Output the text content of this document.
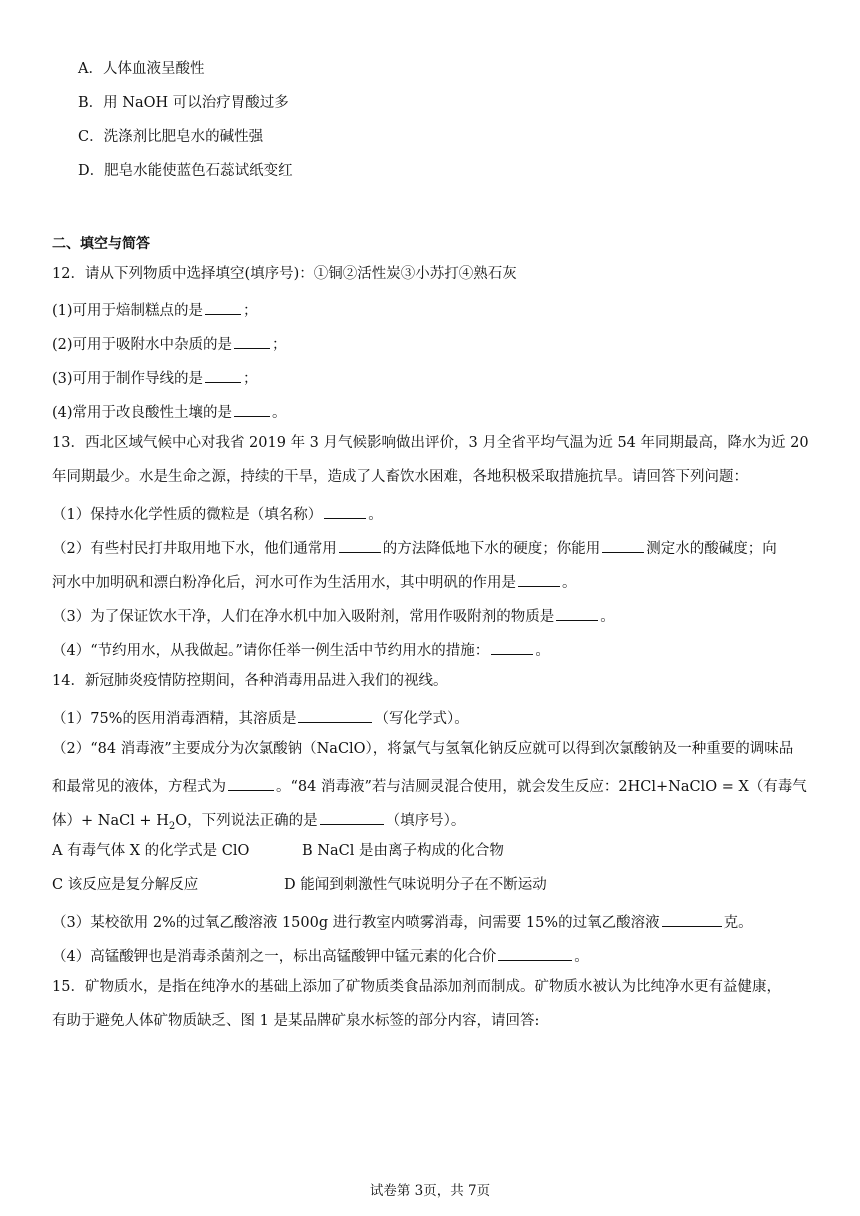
A．人体血液呈酸性
B．用 NaOH 可以治疗胃酸过多
C．洗涤剂比肥皂水的碱性强
D．肥皂水能使蓝色石蕊试纸变红
二、填空与简答
12．请从下列物质中选择填空(填序号)：①铜②活性炭③小苏打④熟石灰
(1)可用于焙制糕点的是	；
(2)可用于吸附水中杂质的是	；
(3)可用于制作导线的是	；
(4)常用于改良酸性土壤的是	。
13．西北区域气候中心对我省 2019 年 3 月气候影响做出评价，3 月全省平均气温为近 54 年同期最高，降水为近 20
年同期最少。水是生命之源，持续的干旱，造成了人畜饮水困难，各地积极采取措施抗旱。请回答下列问题：
（1）保持水化学性质的微粒是（填名称）	。
（2）有些村民打井取用地下水，他们通常用	的方法降低地下水的硬度；你能用	测定水的酸碱度；向
河水中加明矾和漂白粉净化后，河水可作为生活用水，其中明矾的作用是	。
（3）为了保证饮水干净，人们在净水机中加入吸附剂，常用作吸附剂的物质是	。
（4）“节约用水，从我做起。”请你任举一例生活中节约用水的措施：	。
14．新冠肺炎疫情防控期间，各种消毒用品进入我们的视线。
（1）75%的医用消毒酒精，其溶质是	（写化学式）。
（2）“84 消毒液”主要成分为次氯酸钠（NaClO），将氯气与氢氧化钠反应就可以得到次氯酸钠及一种重要的调味品
和最常见的液体，方程式为	。“84 消毒液”若与洁厕灵混合使用，就会发生反应：2HCl+NaClO = X（有毒气
体）+ NaCl + $H_2O$，下列说法正确的是	（填序号）。
A 有毒气体 X 的化学式是 ClO	B NaCl 是由离子构成的化合物
C 该反应是复分解反应	D 能闻到刺激性气味说明分子在不断运动
（3）某校欲用 2%的过氧乙酸溶液 1500g 进行教室内喷雾消毒，问需要 15%的过氧乙酸溶液	克。
（4）高锰酸钾也是消毒杀菌剂之一，标出高锰酸钾中锰元素的化合价	。
15．矿物质水，是指在纯净水的基础上添加了矿物质类食品添加剂而制成。矿物质水被认为比纯净水更有益健康，
有助于避免人体矿物质缺乏、图 1 是某品牌矿泉水标签的部分内容，请回答:
试卷第 3页，共 7页
